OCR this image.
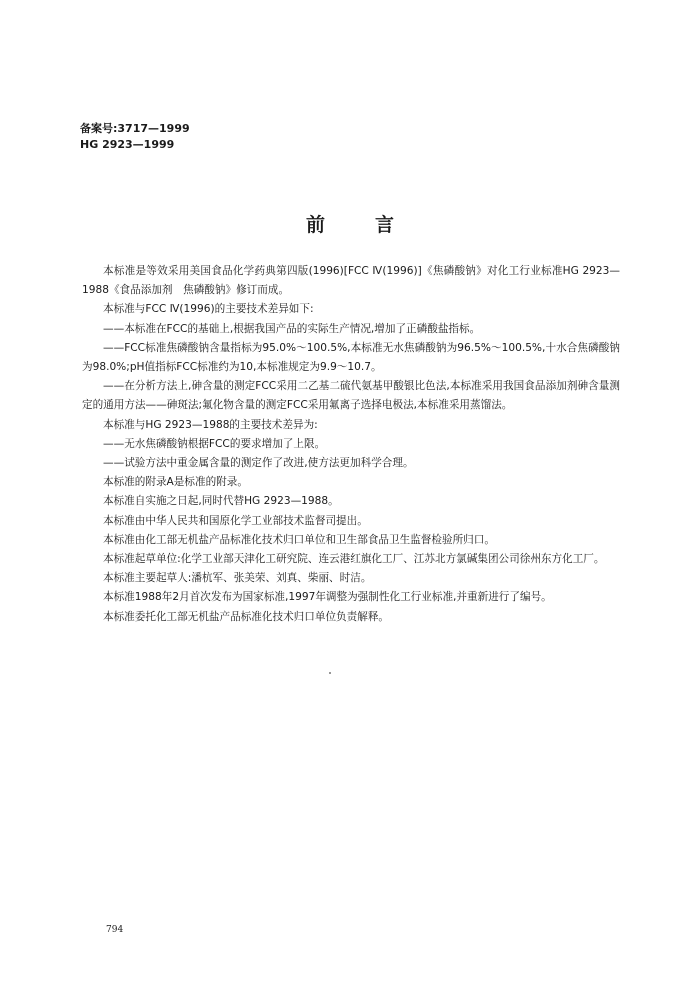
备案号:3717—1999
HG 2923—1999
前言

本标准是等效采用美国食品化学药典第四版(1996)[FCC Ⅳ(1996)]《焦磷酸钠》对化工行业标准HG 2923—1988《食品添加剂　焦磷酸钠》修订而成。

本标准与FCC Ⅳ(1996)的主要技术差异如下:

——本标准在FCC的基础上,根据我国产品的实际生产情况,增加了正磷酸盐指标。

——FCC标准焦磷酸钠含量指标为95.0%～100.5%,本标准无水焦磷酸钠为96.5%～100.5%,十水合焦磷酸钠为98.0%;pH值指标FCC标准约为10,本标准规定为9.9～10.7。

——在分析方法上,砷含量的测定FCC采用二乙基二硫代氨基甲酸银比色法,本标准采用我国食品添加剂砷含量测定的通用方法——砷斑法;氟化物含量的测定FCC采用氟离子选择电极法,本标准采用蒸馏法。

本标准与HG 2923—1988的主要技术差异为:

——无水焦磷酸钠根据FCC的要求增加了上限。

——试验方法中重金属含量的测定作了改进,使方法更加科学合理。

本标准的附录A是标准的附录。

本标准自实施之日起,同时代替HG 2923—1988。

本标准由中华人民共和国原化学工业部技术监督司提出。

本标准由化工部无机盐产品标准化技术归口单位和卫生部食品卫生监督检验所归口。

本标准起草单位:化学工业部天津化工研究院、连云港红旗化工厂、江苏北方氯碱集团公司徐州东方化工厂。

本标准主要起草人:潘杭军、张美荣、刘真、柴丽、时洁。

本标准1988年2月首次发布为国家标准,1997年调整为强制性化工行业标准,并重新进行了编号。

本标准委托化工部无机盐产品标准化技术归口单位负责解释。

794
